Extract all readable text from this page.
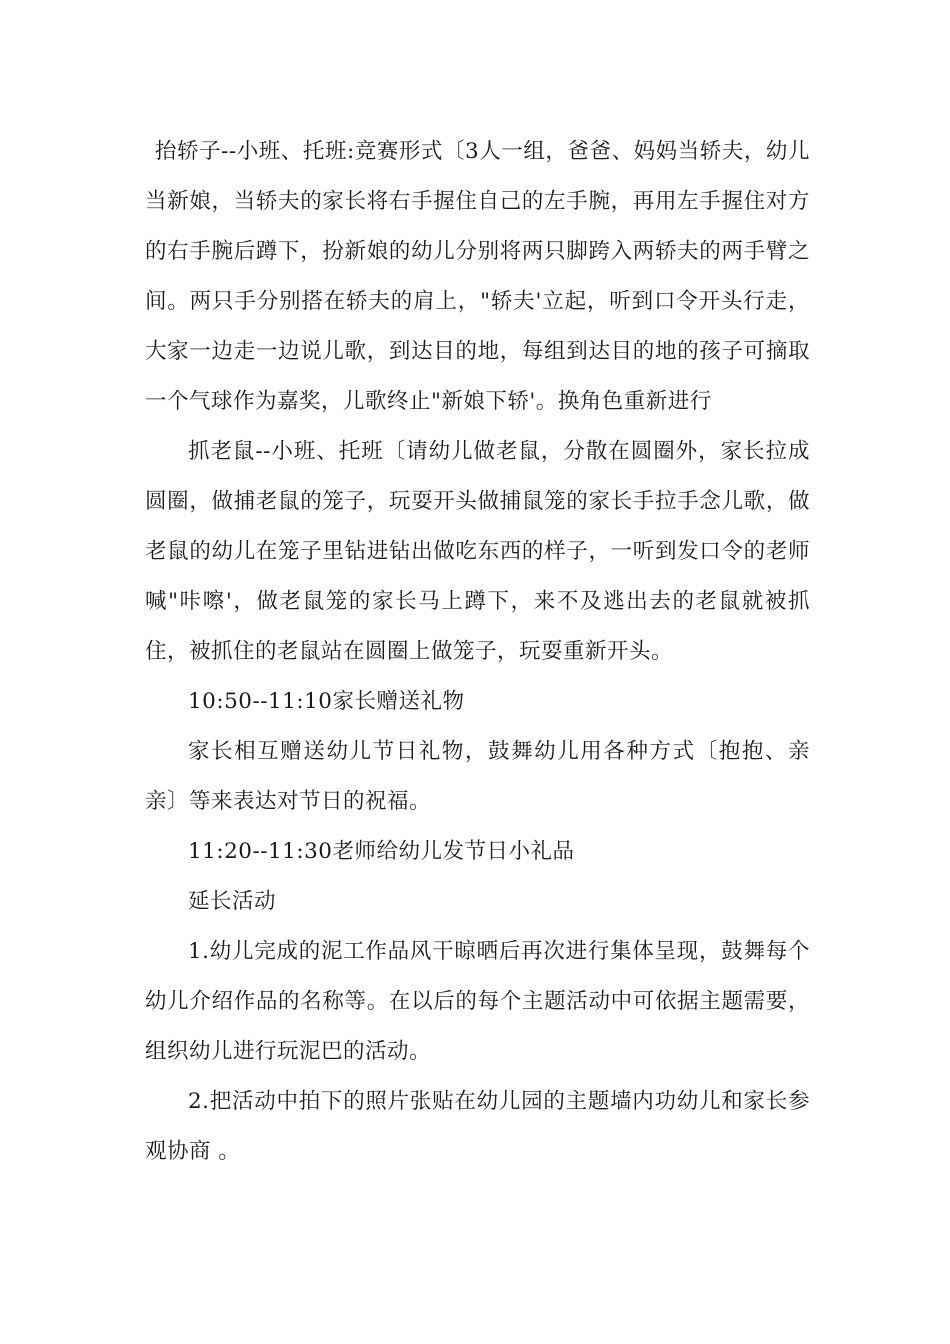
抬轿子--小班、托班:竞赛形式〔3人一组，爸爸、妈妈当轿夫，幼儿当新娘，当轿夫的家长将右手握住自己的左手腕，再用左手握住对方的右手腕后蹲下，扮新娘的幼儿分别将两只脚跨入两轿夫的两手臂之间。两只手分别搭在轿夫的肩上，"轿夫'立起，听到口令开头行走，大家一边走一边说儿歌，到达目的地，每组到达目的地的孩子可摘取一个气球作为嘉奖，儿歌终止"新娘下轿'。换角色重新进行

抓老鼠--小班、托班〔请幼儿做老鼠，分散在圆圈外，家长拉成圆圈，做捕老鼠的笼子，玩耍开头做捕鼠笼的家长手拉手念儿歌，做老鼠的幼儿在笼子里钻进钻出做吃东西的样子，一听到发口令的老师喊"咔嚓'，做老鼠笼的家长马上蹲下，来不及逃出去的老鼠就被抓住，被抓住的老鼠站在圆圈上做笼子，玩耍重新开头。

10:50--11:10家长赠送礼物

家长相互赠送幼儿节日礼物，鼓舞幼儿用各种方式〔抱抱、亲亲〕等来表达对节日的祝福。

11:20--11:30老师给幼儿发节日小礼品

延长活动

1.幼儿完成的泥工作品风干晾晒后再次进行集体呈现，鼓舞每个幼儿介绍作品的名称等。在以后的每个主题活动中可依据主题需要，组织幼儿进行玩泥巴的活动。

2.把活动中拍下的照片张贴在幼儿园的主题墙内功幼儿和家长参观协商 。
